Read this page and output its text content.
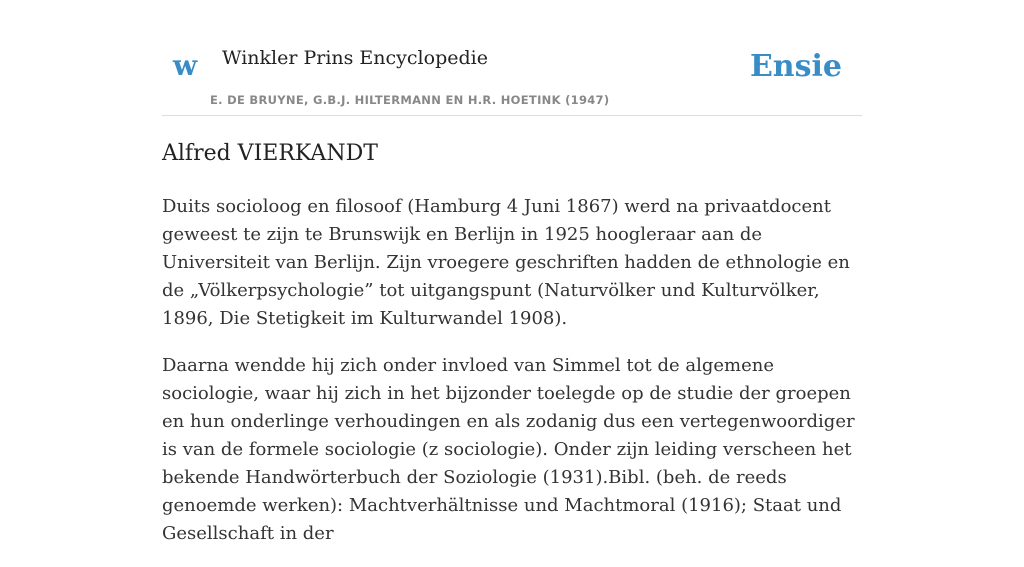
w Winkler Prins Encyclopedie
E. DE BRUYNE, G.B.J. HILTERMANN EN H.R. HOETINK (1947)
Ensie
Alfred VIERKANDT

Duits socioloog en filosoof (Hamburg 4 Juni 1867) werd na privaatdocent geweest te zijn te Brunswijk en Berlijn in 1925 hoogleraar aan de Universiteit van Berlijn. Zijn vroegere geschriften hadden de ethnologie en de „Völkerpsychologie” tot uitgangspunt (Naturvölker und Kulturvölker, 1896, Die Stetigkeit im Kulturwandel 1908).

Daarna wendde hij zich onder invloed van Simmel tot de algemene sociologie, waar hij zich in het bijzonder toelegde op de studie der groepen en hun onderlinge verhoudingen en als zodanig dus een vertegenwoordiger is van de formele sociologie (z sociologie). Onder zijn leiding verscheen het bekende Handwörterbuch der Soziologie (1931).Bibl. (beh. de reeds genoemde werken): Machtverhältnisse und Machtmoral (1916); Staat und Gesellschaft in der
